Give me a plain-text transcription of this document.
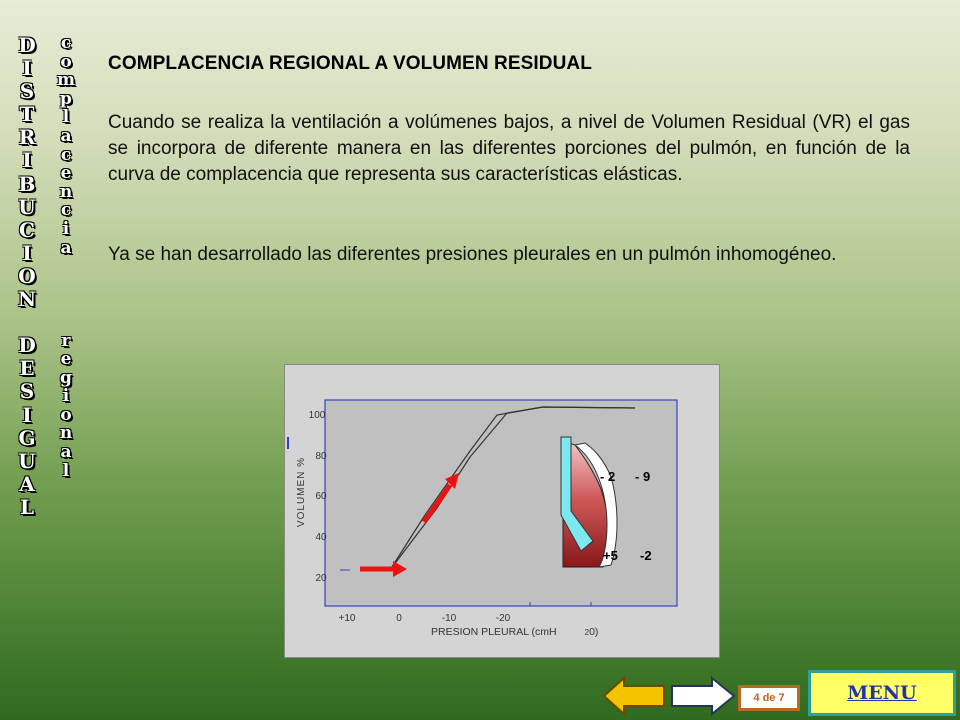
D
I
S
T
R
I
B
U
C
I
O
N

D
E
S
I
G
U
A
L
c
o
m
p
l
a
c
e
n
c
i
a

r
e
g
i
o
n
a
l
COMPLACENCIA REGIONAL A VOLUMEN RESIDUAL
Cuando se realiza la ventilación a volúmenes bajos, a nivel de Volumen Residual (VR) el gas se incorpora de diferente manera en las diferentes porciones del pulmón, en función de la curva de complacencia que representa sus características elásticas.
Ya se han desarrollado las diferentes presiones pleurales en un pulmón inhomogéneo.
100
80
60
40
20
VOLUMEN %
+10	0	-10	-20
PRESION PLEURAL (cmH	20)
- 2 - 9
+5 -2
4 de 7	MENU
